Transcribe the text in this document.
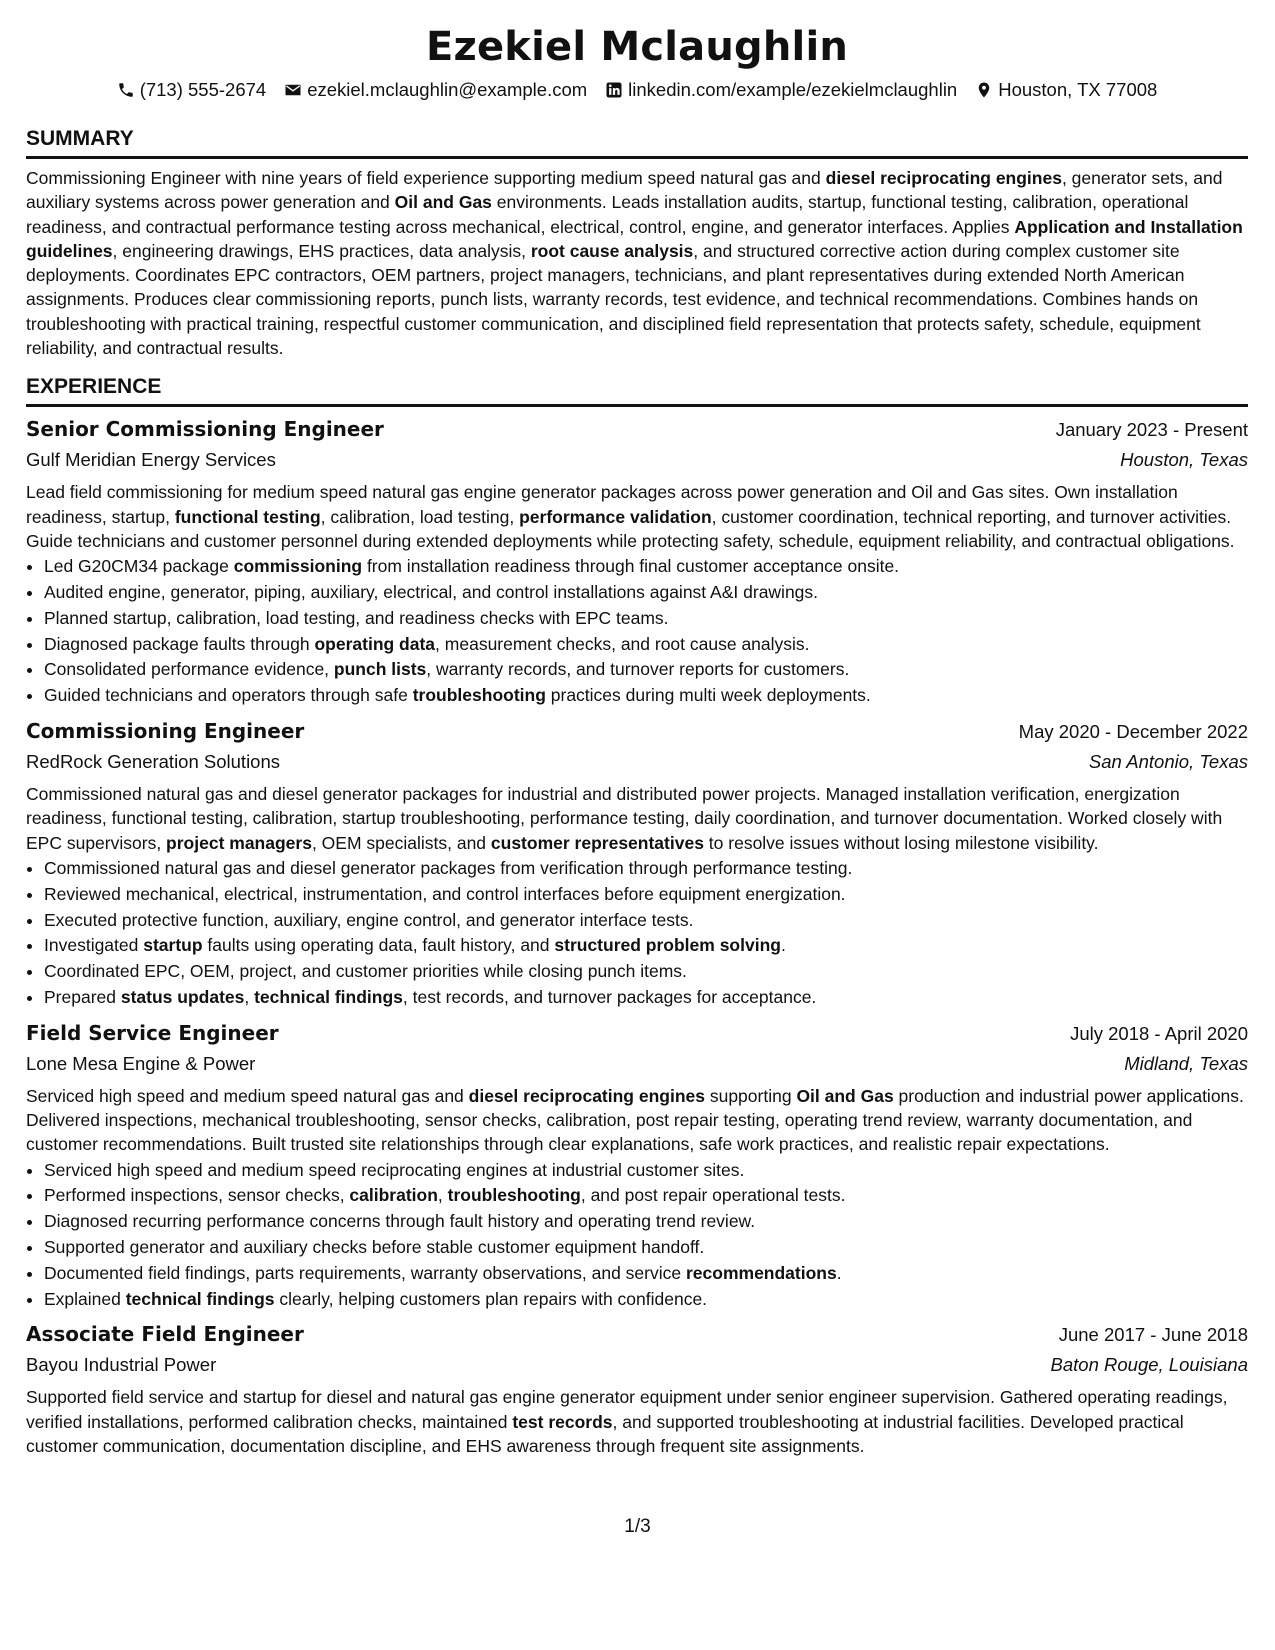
Ezekiel Mclaughlin
(713) 555-2674 ezekiel.mclaughlin@example.com linkedin.com/example/ezekielmclaughlin Houston, TX 77008
SUMMARY

Commissioning Engineer with nine years of field experience supporting medium speed natural gas and diesel reciprocating engines, generator sets, and auxiliary systems across power generation and Oil and Gas environments. Leads installation audits, startup, functional testing, calibration, operational readiness, and contractual performance testing across mechanical, electrical, control, engine, and generator interfaces. Applies Application and Installation guidelines, engineering drawings, EHS practices, data analysis, root cause analysis, and structured corrective action during complex customer site deployments. Coordinates EPC contractors, OEM partners, project managers, technicians, and plant representatives during extended North American assignments. Produces clear commissioning reports, punch lists, warranty records, test evidence, and technical recommendations. Combines hands on troubleshooting with practical training, respectful customer communication, and disciplined field representation that protects safety, schedule, equipment reliability, and contractual results.

EXPERIENCE
Senior Commissioning Engineer	January 2023 - Present
Gulf Meridian Energy Services	Houston, Texas

Lead field commissioning for medium speed natural gas engine generator packages across power generation and Oil and Gas sites. Own installation readiness, startup, functional testing, calibration, load testing, performance validation, customer coordination, technical reporting, and turnover activities. Guide technicians and customer personnel during extended deployments while protecting safety, schedule, equipment reliability, and contractual obligations.

• Led G20CM34 package commissioning from installation readiness through final customer acceptance onsite.
• Audited engine, generator, piping, auxiliary, electrical, and control installations against A&I drawings.
• Planned startup, calibration, load testing, and readiness checks with EPC teams.
• Diagnosed package faults through operating data, measurement checks, and root cause analysis.
• Consolidated performance evidence, punch lists, warranty records, and turnover reports for customers.
• Guided technicians and operators through safe troubleshooting practices during multi week deployments.
Commissioning Engineer	May 2020 - December 2022
RedRock Generation Solutions	San Antonio, Texas

Commissioned natural gas and diesel generator packages for industrial and distributed power projects. Managed installation verification, energization readiness, functional testing, calibration, startup troubleshooting, performance testing, daily coordination, and turnover documentation. Worked closely with EPC supervisors, project managers, OEM specialists, and customer representatives to resolve issues without losing milestone visibility.

• Commissioned natural gas and diesel generator packages from verification through performance testing.
• Reviewed mechanical, electrical, instrumentation, and control interfaces before equipment energization.
• Executed protective function, auxiliary, engine control, and generator interface tests.
• Investigated startup faults using operating data, fault history, and structured problem solving.
• Coordinated EPC, OEM, project, and customer priorities while closing punch items.
• Prepared status updates, technical findings, test records, and turnover packages for acceptance.
Field Service Engineer	July 2018 - April 2020
Lone Mesa Engine & Power	Midland, Texas

Serviced high speed and medium speed natural gas and diesel reciprocating engines supporting Oil and Gas production and industrial power applications. Delivered inspections, mechanical troubleshooting, sensor checks, calibration, post repair testing, operating trend review, warranty documentation, and customer recommendations. Built trusted site relationships through clear explanations, safe work practices, and realistic repair expectations.

• Serviced high speed and medium speed reciprocating engines at industrial customer sites.
• Performed inspections, sensor checks, calibration, troubleshooting, and post repair operational tests.
• Diagnosed recurring performance concerns through fault history and operating trend review.
• Supported generator and auxiliary checks before stable customer equipment handoff.
• Documented field findings, parts requirements, warranty observations, and service recommendations.
• Explained technical findings clearly, helping customers plan repairs with confidence.
Associate Field Engineer	June 2017 - June 2018
Bayou Industrial Power	Baton Rouge, Louisiana

Supported field service and startup for diesel and natural gas engine generator equipment under senior engineer supervision. Gathered operating readings, verified installations, performed calibration checks, maintained test records, and supported troubleshooting at industrial facilities. Developed practical customer communication, documentation discipline, and EHS awareness through frequent site assignments.

1/3
